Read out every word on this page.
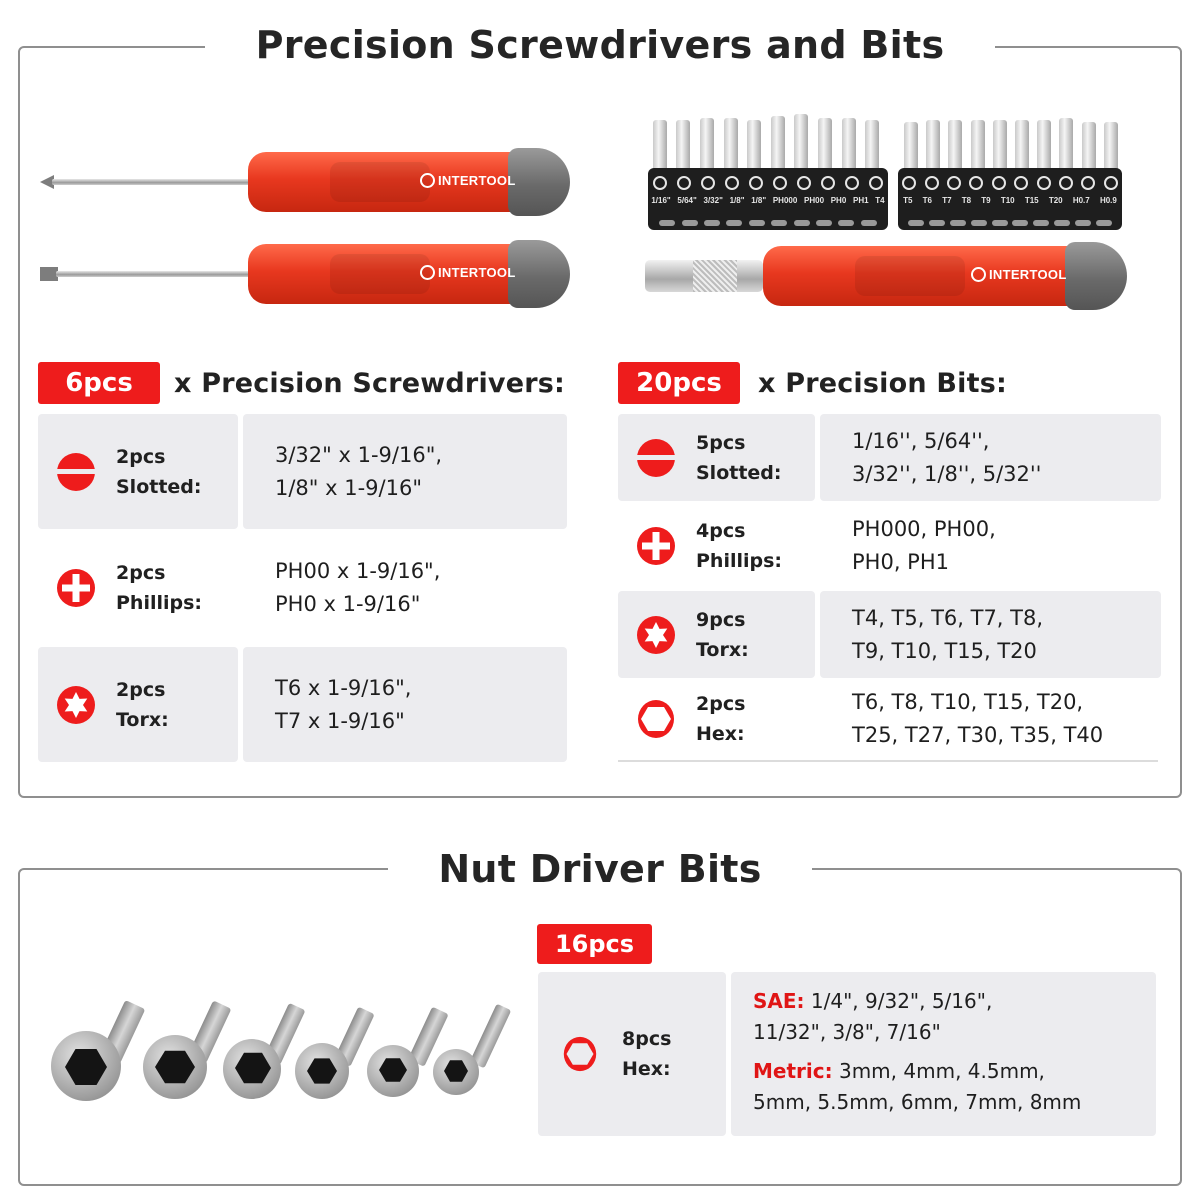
Precision Screwdrivers and Bits
INTERTOOL
INTERTOOL
1/16" 5/64" 3/32" 1/8" 1/8" PH000 PH00 PH0 PH1 T4 T5 T6 T7 T8 T9 T10 T15 T20 H0.7 H0.9
INTERTOOL
6pcs	x Precision Screwdrivers:
2pcs
Slotted:
3/32" x 1-9/16",
1/8" x 1-9/16"
2pcs
Phillips:
PH00 x 1-9/16",
PH0 x 1-9/16"
2pcs
Torx:
T6 x 1-9/16",
T7 x 1-9/16"
20pcs	x Precision Bits:
5pcs
Slotted:
1/16'', 5/64'',
3/32'', 1/8'', 5/32''
4pcs
Phillips:
PH000, PH00,
PH0, PH1
9pcs
Torx:
T4, T5, T6, T7, T8,
T9, T10, T15, T20
2pcs
Hex:
T6, T8, T10, T15, T20,
T25, T27, T30, T35, T40
Nut Driver Bits
16pcs
8pcs
Hex:

SAE: 1/4", 9/32", 5/16",

11/32", 3/8", 7/16"

Metric: 3mm, 4mm, 4.5mm,

5mm, 5.5mm, 6mm, 7mm, 8mm
